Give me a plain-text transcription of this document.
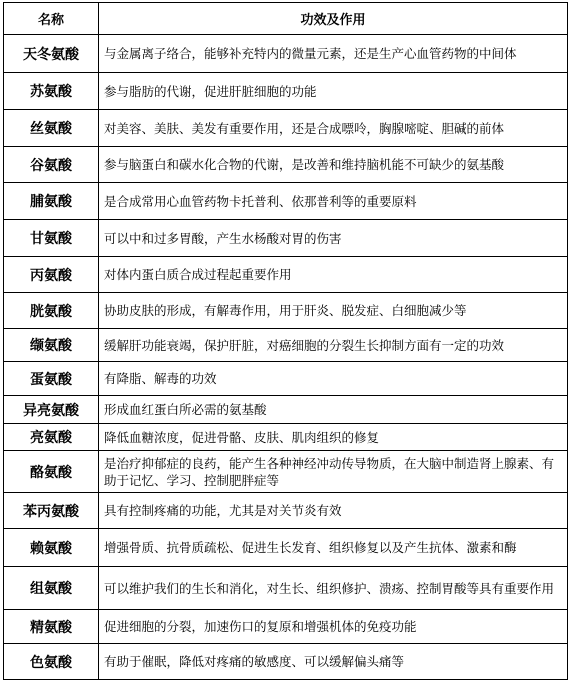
名称	功效及作用
天冬氨酸	与金属离子络合，能够补充特内的微量元素，还是生产心血管药物的中间体
苏氨酸	参与脂肪的代谢，促进肝脏细胞的功能
丝氨酸	对美容、美肤、美发有重要作用，还是合成嘌呤，胸腺嘧啶、胆碱的前体
谷氨酸	参与脑蛋白和碳水化合物的代谢，是改善和维持脑机能不可缺少的氨基酸
脯氨酸	是合成常用心血管药物卡托普利、依那普利等的重要原料
甘氨酸	可以中和过多胃酸，产生水杨酸对胃的伤害
丙氨酸	对体内蛋白质合成过程起重要作用
胱氨酸	协助皮肤的形成，有解毒作用，用于肝炎、脱发症、白细胞减少等
缬氨酸	缓解肝功能衰竭，保护肝脏，对癌细胞的分裂生长抑制方面有一定的功效
蛋氨酸	有降脂、解毒的功效
异亮氨酸	形成血红蛋白所必需的氨基酸
亮氨酸	降低血糖浓度，促进骨骼、皮肤、肌肉组织的修复
酪氨酸	是治疗抑郁症的良药，能产生各种神经冲动传导物质，在大脑中制造肾上腺素、有助于记忆、学习、控制肥胖症等
苯丙氨酸	具有控制疼痛的功能，尤其是对关节炎有效
赖氨酸	增强骨质、抗骨质疏松、促进生长发育、组织修复以及产生抗体、激素和酶
组氨酸	可以维护我们的生长和消化，对生长、组织修护、溃疡、控制胃酸等具有重要作用
精氨酸	促进细胞的分裂，加速伤口的复原和增强机体的免疫功能
色氨酸	有助于催眠，降低对疼痛的敏感度、可以缓解偏头痛等
